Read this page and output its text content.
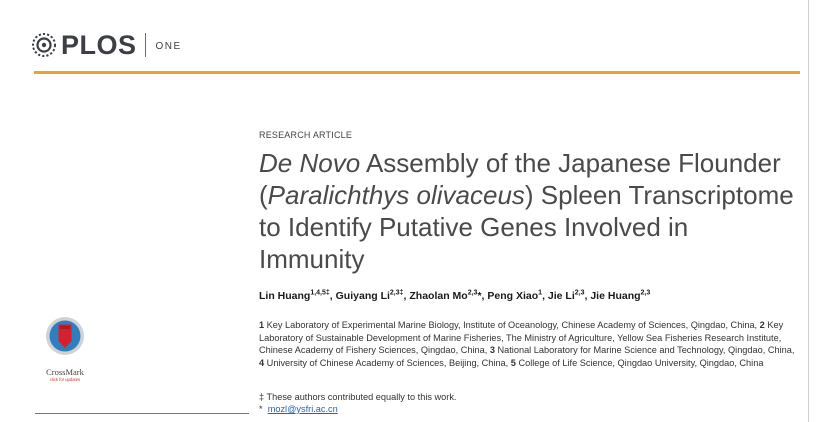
PLOS ONE
RESEARCH ARTICLE
De Novo Assembly of the Japanese Flounder (Paralichthys olivaceus) Spleen Transcriptome to Identify Putative Genes Involved in Immunity
Lin Huang$^{1,4,5\ddagger}$, Guiyang $Li^{2,3\ddagger}$, Zhaolan Mo$^{2,3}$*, Peng Xiao$^1$, Jie Li$^{2,3}$, Jie Huang$^{2,3}$
1 Key Laboratory of Experimental Marine Biology, Institute of Oceanology, Chinese Academy of Sciences, Qingdao, China, 2 Key Laboratory of Sustainable Development of Marine Fisheries, The Ministry of Agriculture, Yellow Sea Fisheries Research Institute, Chinese Academy of Fishery Sciences, Qingdao, China, 3 National Laboratory for Marine Science and Technology, Qingdao, China, 4 University of Chinese Academy of Sciences, Beijing, China, 5 College of Life Science, Qingdao University, Qingdao, China
‡ These authors contributed equally to this work.
* mozl@ysfri.ac.cn
CrossMark
click for updates
